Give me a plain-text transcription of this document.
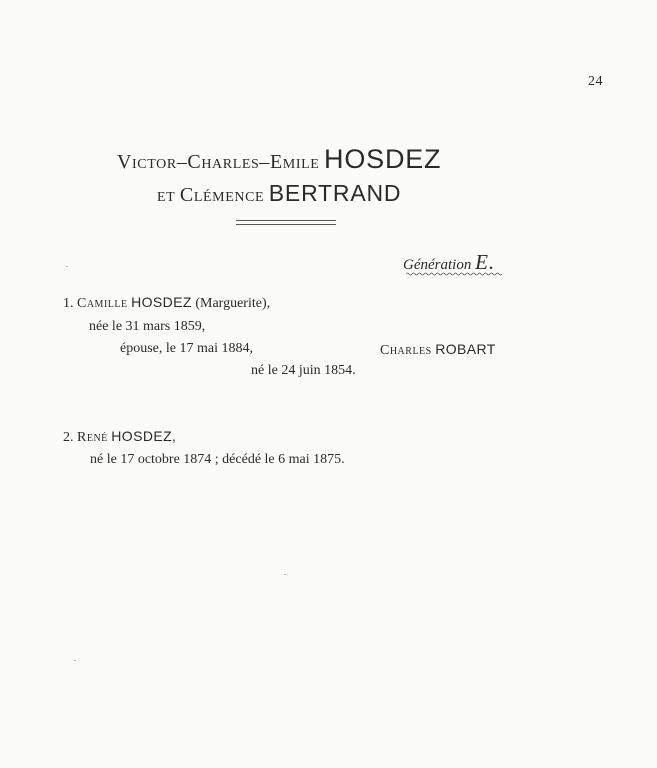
24
Victor–Charles–Emile HOSDEZ
et Clémence BERTRAND
Génération E.
1. Camille HOSDEZ (Marguerite),
née le 31 mars 1859,
épouse, le 17 mai 1884,	Charles ROBART
né le 24 juin 1854.
2. René HOSDEZ,
né le 17 octobre 1874 ; décédé le 6 mai 1875.
